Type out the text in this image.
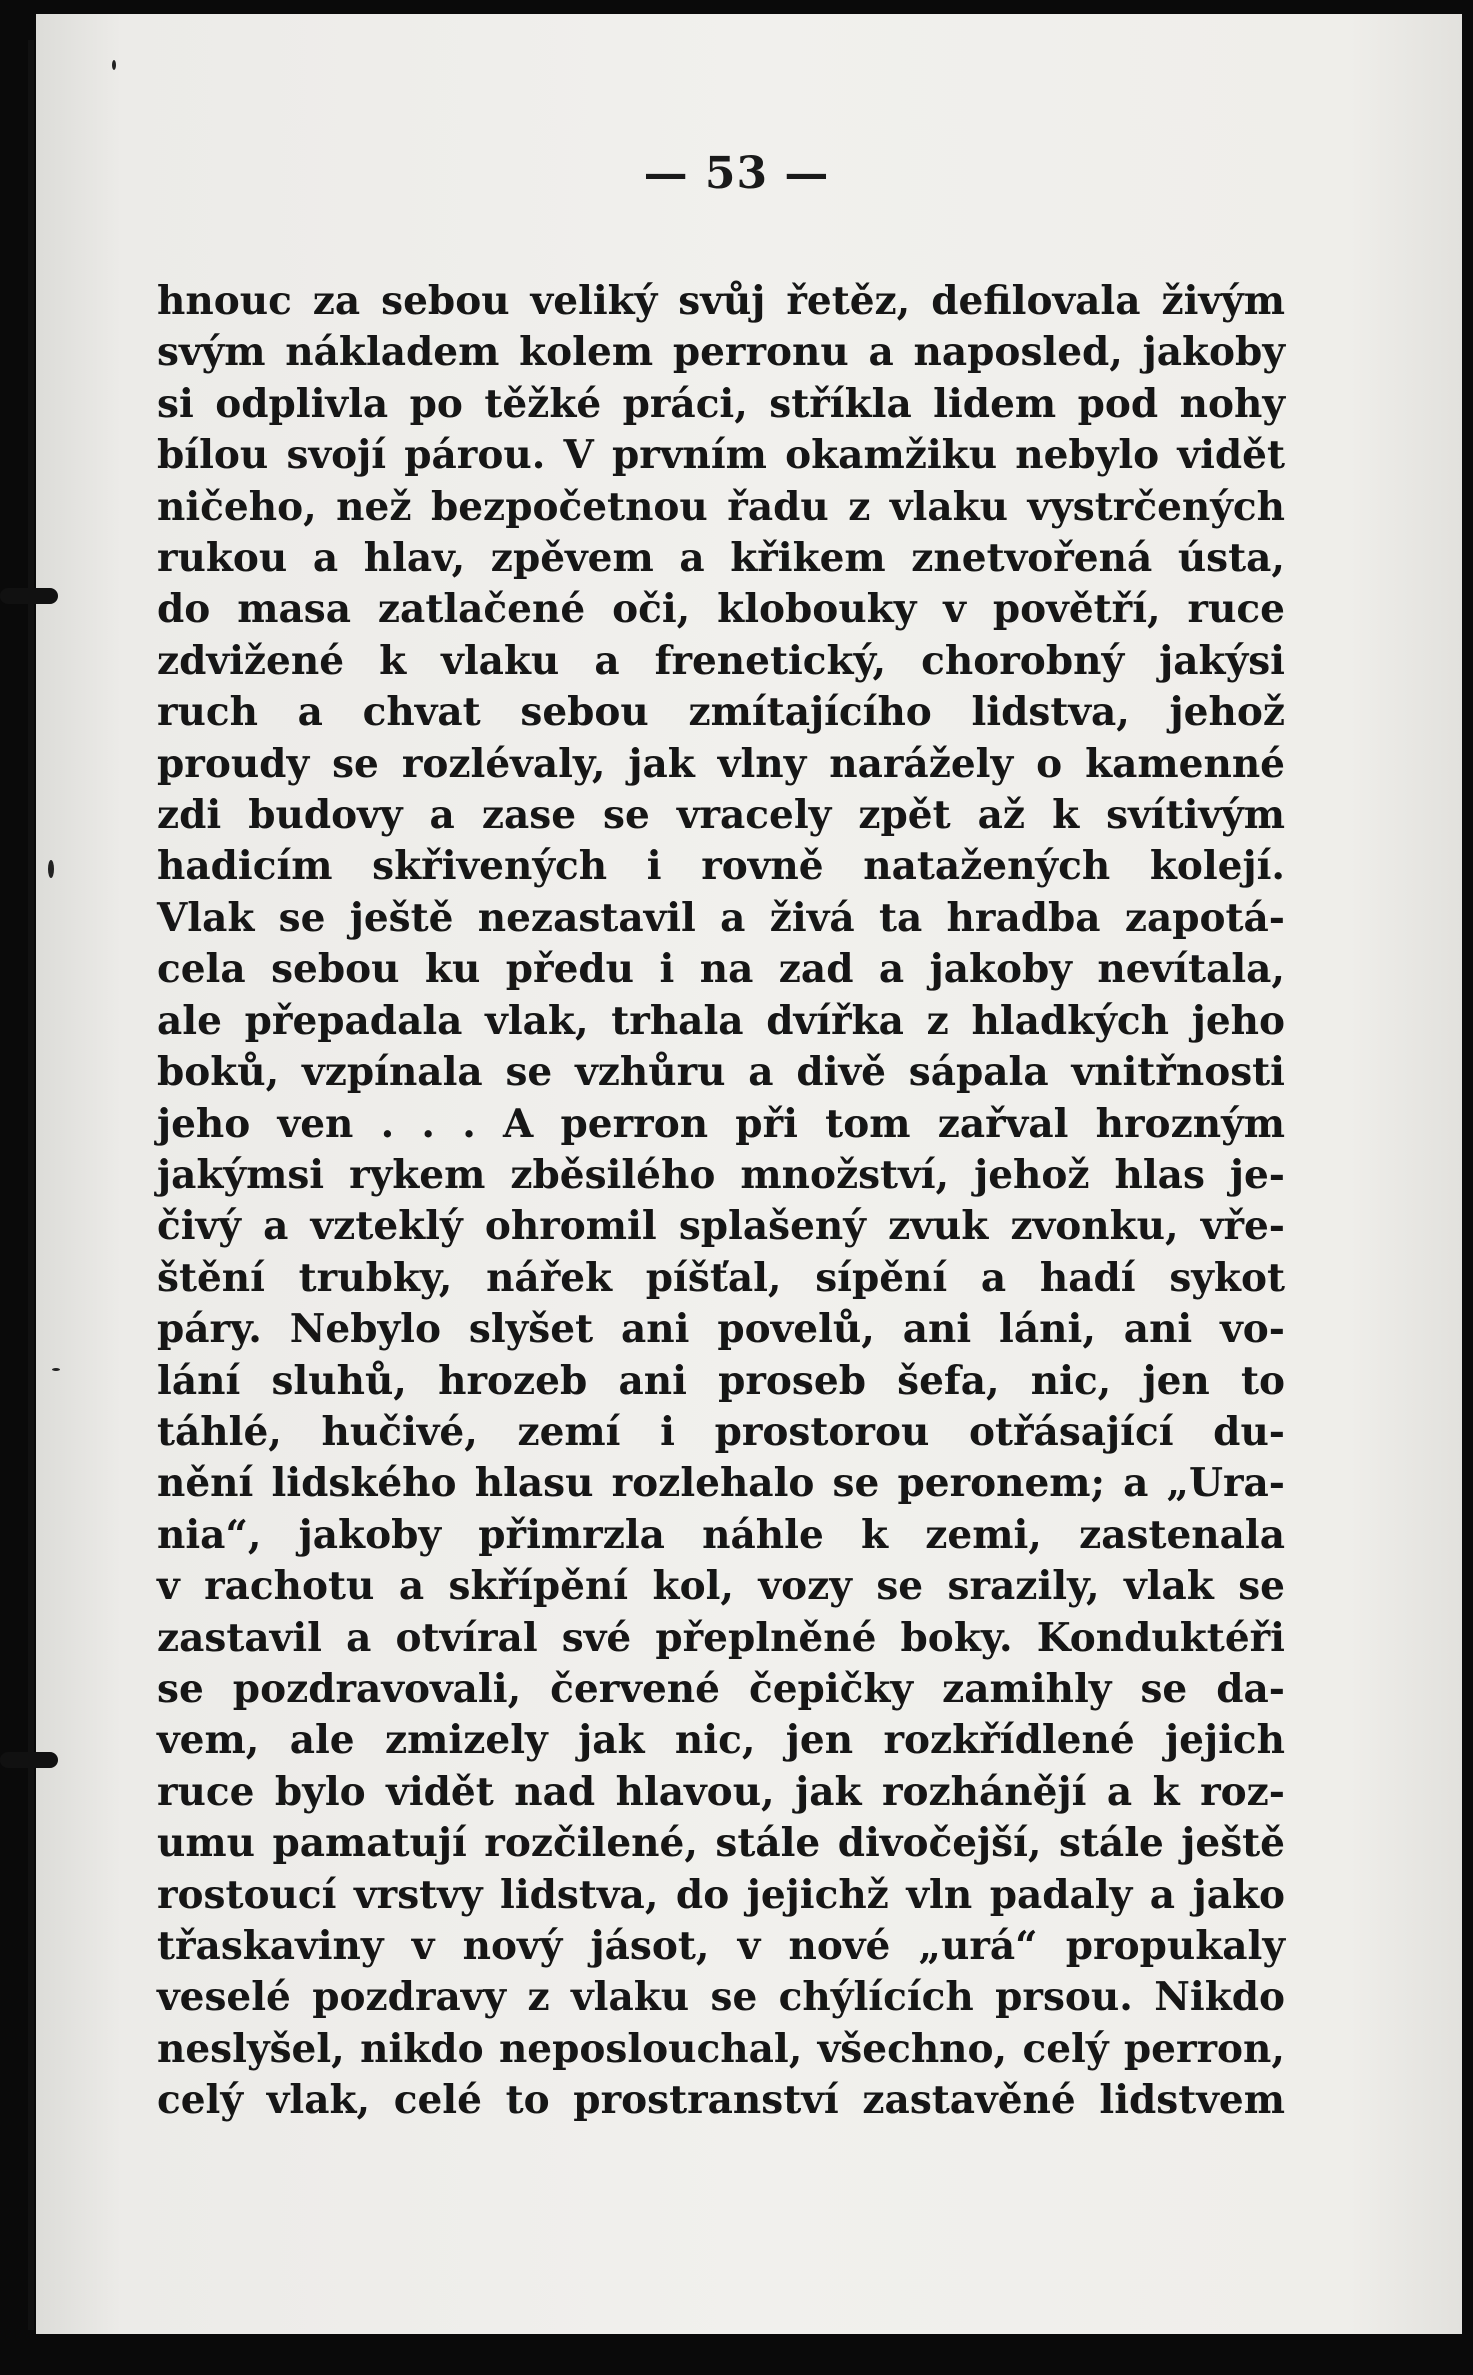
— 53 —
hnouc za sebou veliký svůj řetěz, defilovala živým
svým nákladem kolem perronu a naposled, jakoby
si odplivla po těžké práci, stříkla lidem pod nohy
bílou svojí párou. V prvním okamžiku nebylo vidět
ničeho, než bezpočetnou řadu z vlaku vystrčených
rukou a hlav, zpěvem a křikem znetvořená ústa,
do masa zatlačené oči, klobouky v povětří, ruce
zdvižené k vlaku a frenetický, chorobný jakýsi
ruch a chvat sebou zmítajícího lidstva, jehož
proudy se rozlévaly, jak vlny narážely o kamenné
zdi budovy a zase se vracely zpět až k svítivým
hadicím skřivených i rovně natažených kolejí.
Vlak se ještě nezastavil a živá ta hradba zapotá-
cela sebou ku předu i na zad a jakoby nevítala,
ale přepadala vlak, trhala dvířka z hladkých jeho
boků, vzpínala se vzhůru a divě sápala vnitřnosti
jeho ven . . . A perron při tom zařval hrozným
jakýmsi rykem zběsilého množství, jehož hlas je-
čivý a vzteklý ohromil splašený zvuk zvonku, vře-
štění trubky, nářek píšťal, sípění a hadí sykot
páry. Nebylo slyšet ani povelů, ani láni, ani vo-
lání sluhů, hrozeb ani proseb šefa, nic, jen to
táhlé, hučivé, zemí i prostorou otřásající du-
nění lidského hlasu rozlehalo se peronem; a „Ura-
nia“, jakoby přimrzla náhle k zemi, zastenala
v rachotu a skřípění kol, vozy se srazily, vlak se
zastavil a otvíral své přeplněné boky. Konduktéři
se pozdravovali, červené čepičky zamihly se da-
vem, ale zmizely jak nic, jen rozkřídlené jejich
ruce bylo vidět nad hlavou, jak rozhánějí a k roz-
umu pamatují rozčilené, stále divočejší, stále ještě
rostoucí vrstvy lidstva, do jejichž vln padaly a jako
třaskaviny v nový jásot, v nové „urá“ propukaly
veselé pozdravy z vlaku se chýlících prsou. Nikdo
neslyšel, nikdo neposlouchal, všechno, celý perron,
celý vlak, celé to prostranství zastavěné lidstvem
